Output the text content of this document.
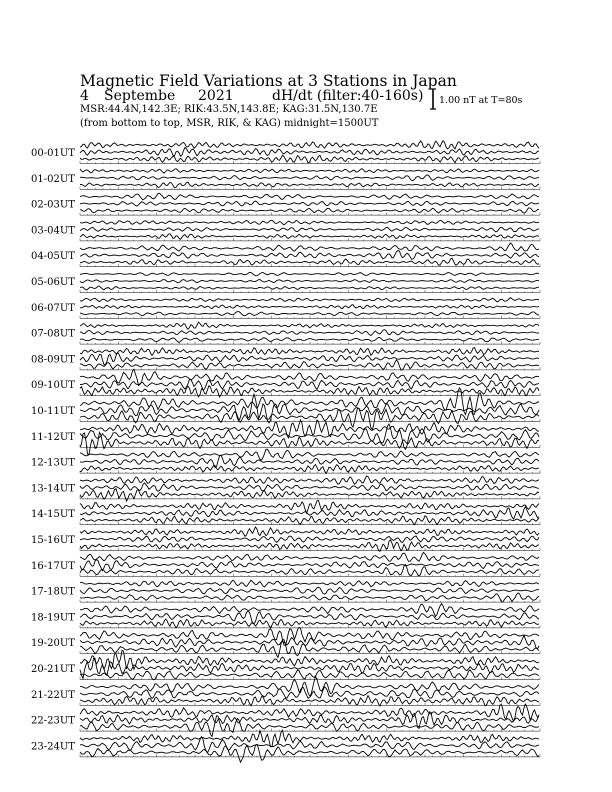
Magnetic Field Variations at 3 Stations in Japan
4 Septembe 2021	dH/dt (filter:40-160s)
MSR:44.4N,142.3E; RIK:43.5N,143.8E; KAG:31.5N,130.7E
(from bottom to top, MSR, RIK, & KAG) midnight=1500UT
1.00 nT at T=80s
00-01UT
01-02UT
02-03UT
03-04UT
04-05UT
05-06UT
06-07UT
07-08UT
08-09UT
09-10UT
10-11UT
11-12UT
12-13UT
13-14UT
14-15UT
15-16UT
16-17UT
17-18UT
18-19UT
19-20UT
20-21UT
21-22UT
22-23UT
23-24UT
